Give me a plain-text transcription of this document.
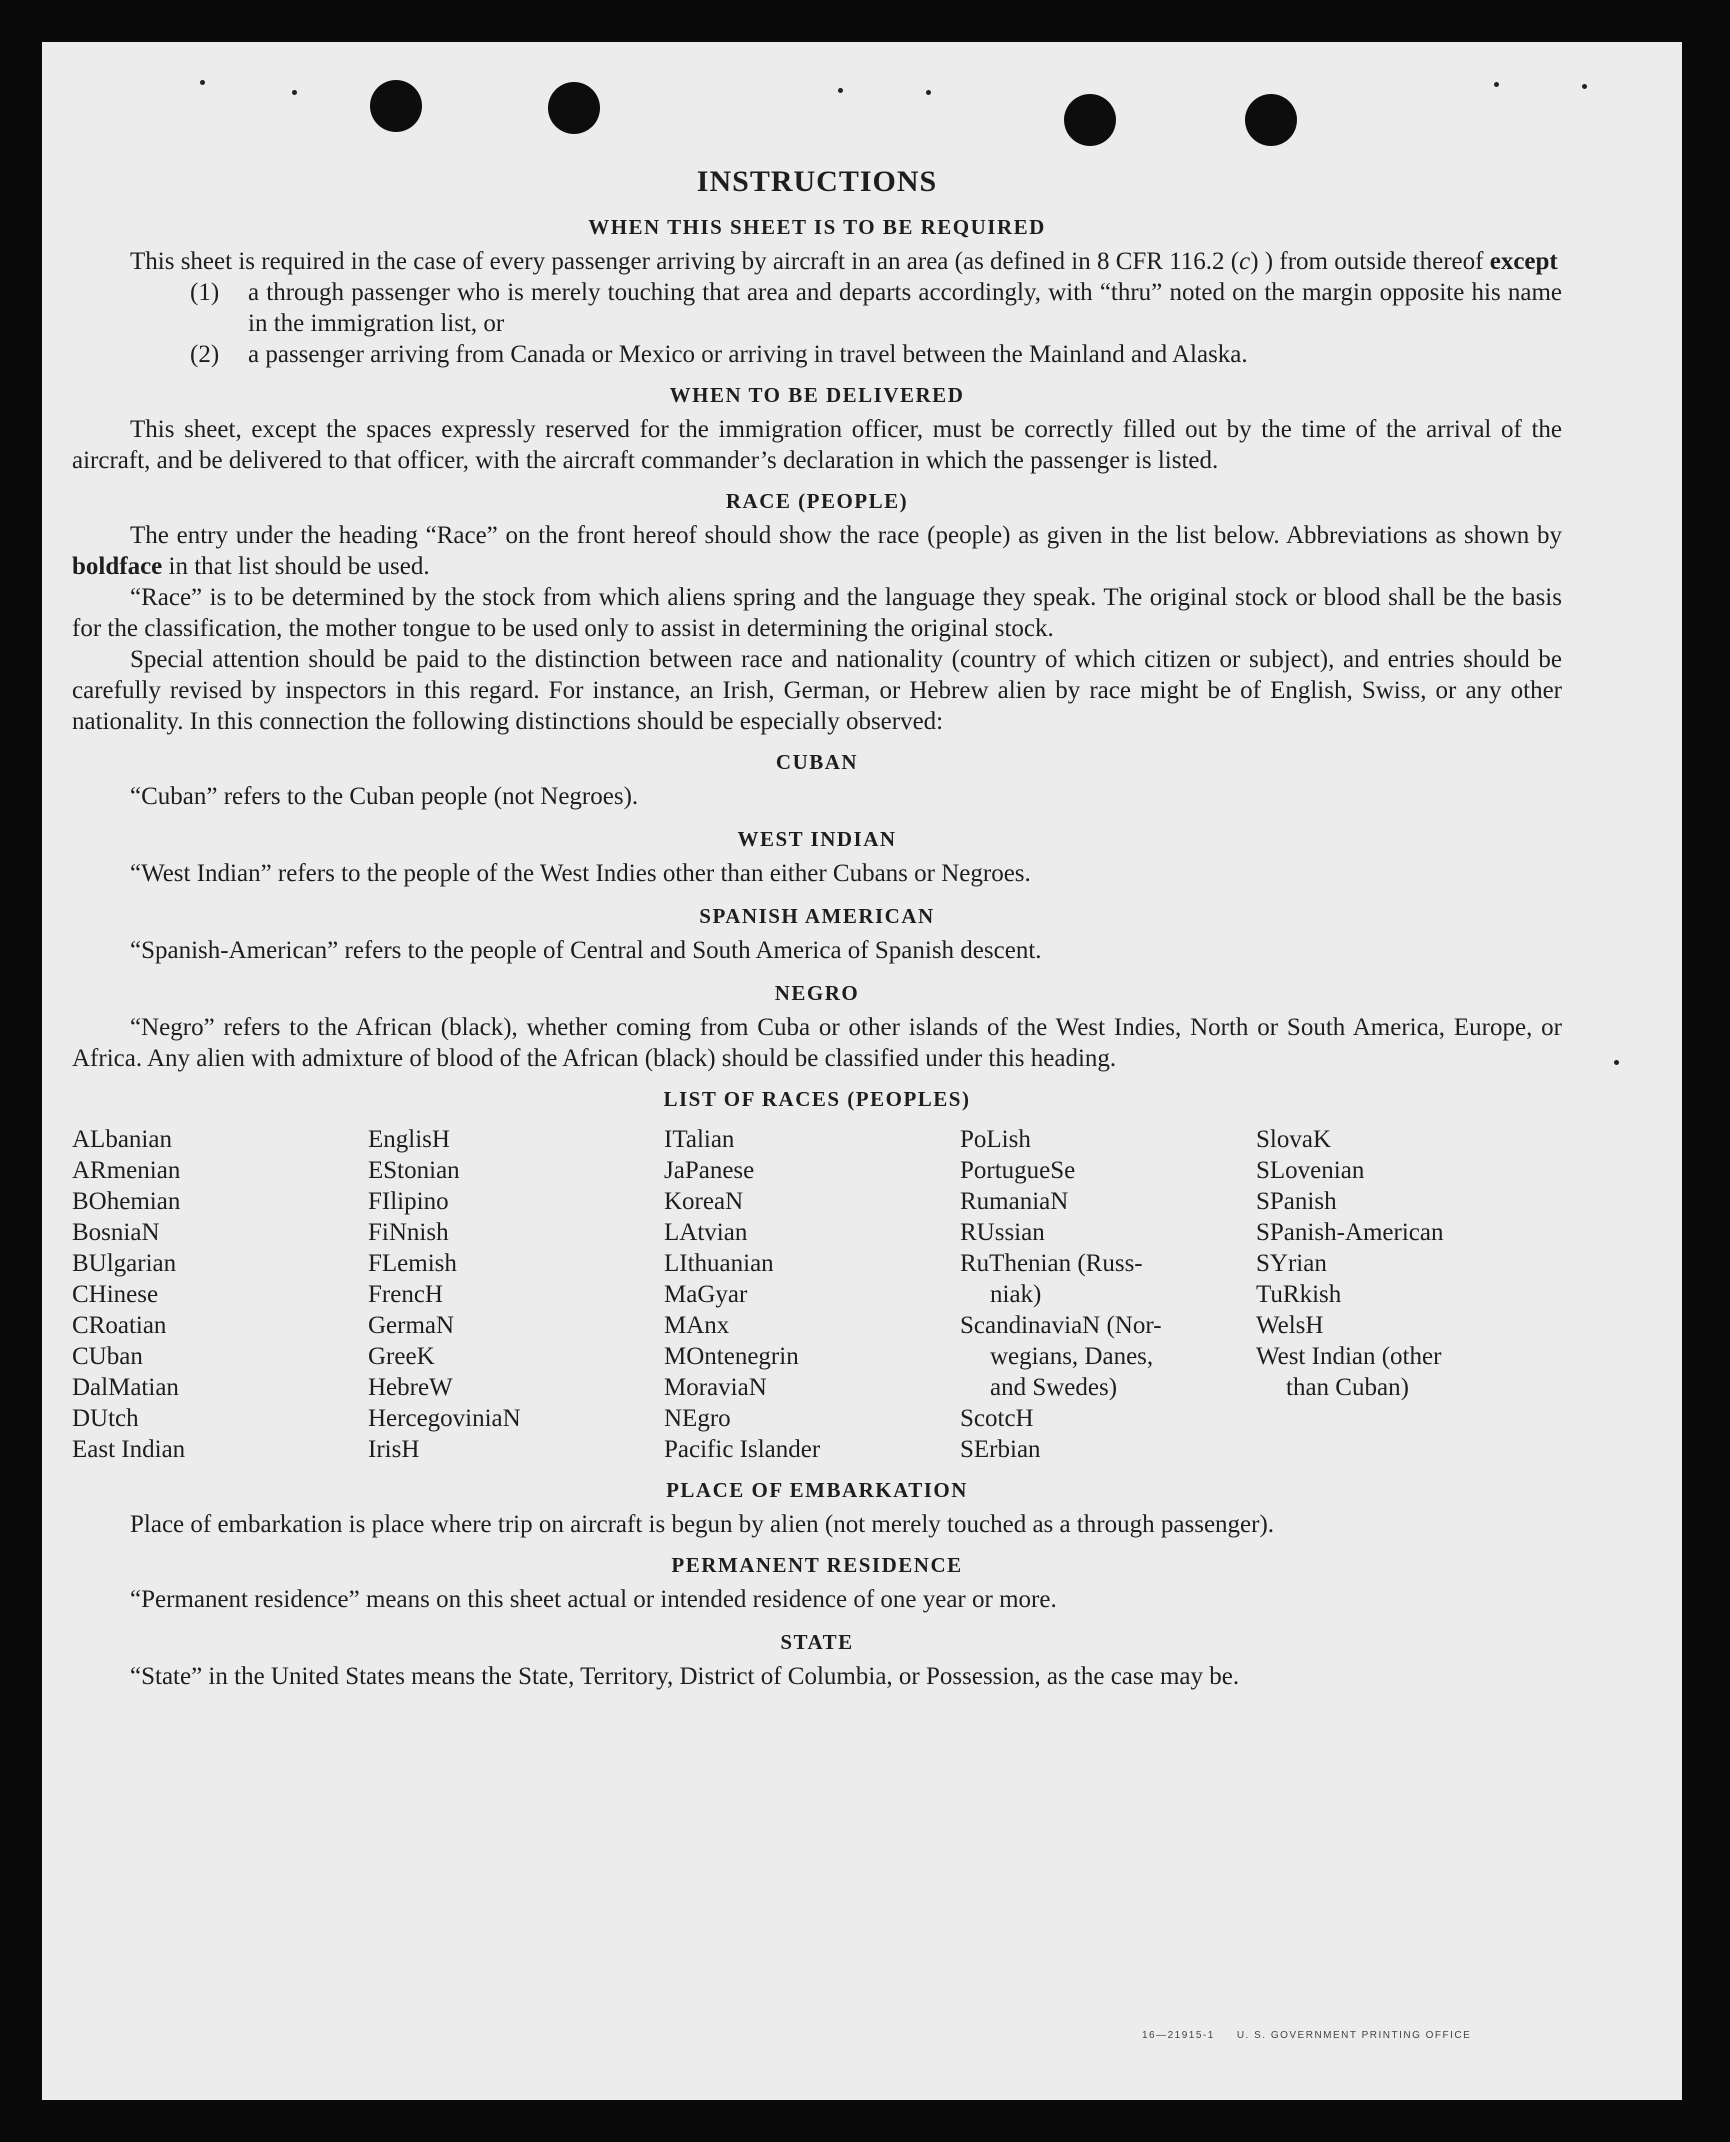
INSTRUCTIONS
WHEN THIS SHEET IS TO BE REQUIRED

This sheet is required in the case of every passenger arriving by aircraft in an area (as defined in 8 CFR 116.2 (c) ) from outside thereof except

(1)	a through passenger who is merely touching that area and departs accordingly, with “thru” noted on the margin opposite his name in the immigration list, or
(2)	a passenger arriving from Canada or Mexico or arriving in travel between the Mainland and Alaska.
WHEN TO BE DELIVERED

This sheet, except the spaces expressly reserved for the immigration officer, must be correctly filled out by the time of the arrival of the aircraft, and be delivered to that officer, with the aircraft commander’s declaration in which the passenger is listed.

RACE (PEOPLE)

The entry under the heading “Race” on the front hereof should show the race (people) as given in the list below. Abbreviations as shown by boldface in that list should be used.

“Race” is to be determined by the stock from which aliens spring and the language they speak. The original stock or blood shall be the basis for the classification, the mother tongue to be used only to assist in determining the original stock.

Special attention should be paid to the distinction between race and nationality (country of which citizen or subject), and entries should be carefully revised by inspectors in this regard. For instance, an Irish, German, or Hebrew alien by race might be of English, Swiss, or any other nationality. In this connection the following distinctions should be especially observed:

CUBAN

“Cuban” refers to the Cuban people (not Negroes).

WEST INDIAN

“West Indian” refers to the people of the West Indies other than either Cubans or Negroes.

SPANISH AMERICAN

“Spanish-American” refers to the people of Central and South America of Spanish descent.

NEGRO

“Negro” refers to the African (black), whether coming from Cuba or other islands of the West Indies, North or South America, Europe, or Africa. Any alien with admixture of blood of the African (black) should be classified under this heading.

LIST OF RACES (PEOPLES)
ALbanian
ARmenian
BOhemian
BosniaN
BUlgarian
CHinese
CRoatian
CUban
DalMatian
DUtch
East Indian
EnglisH
EStonian
FIlipino
FiNnish
FLemish
FrencH
GermaN
GreeK
HebreW
HercegoviniaN
IrisH
ITalian
JaPanese
KoreaN
LAtvian
LIthuanian
MaGyar
MAnx
MOntenegrin
MoraviaN
NEgro
Pacific Islander
PoLish
PortugueSe
RumaniaN
RUssian
RuThenian (Russ-
niak)
ScandinaviaN (Nor-
wegians, Danes,
and Swedes)
ScotcH
SErbian
SlovaK
SLovenian
SPanish
SPanish-American
SYrian
TuRkish
WelsH
West Indian (other
than Cuban)
PLACE OF EMBARKATION

Place of embarkation is place where trip on aircraft is begun by alien (not merely touched as a through passenger).

PERMANENT RESIDENCE

“Permanent residence” means on this sheet actual or intended residence of one year or more.

STATE

“State” in the United States means the State, Territory, District of Columbia, or Possession, as the case may be.

16—21915-1 U. S. GOVERNMENT PRINTING OFFICE
